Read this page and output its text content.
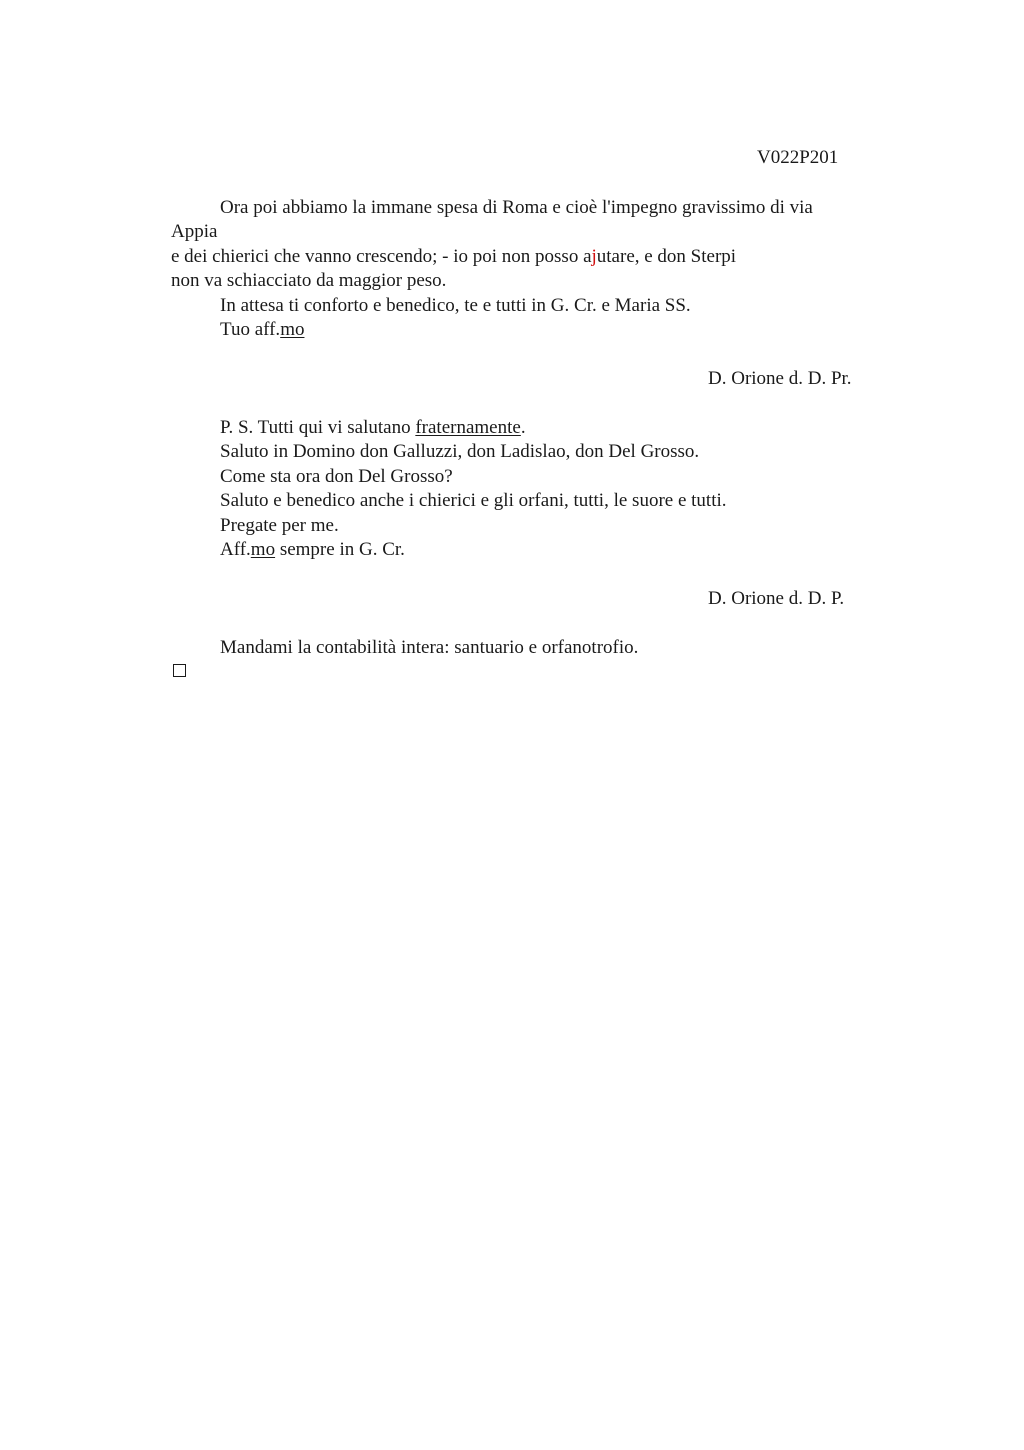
V022P201
Ora poi abbiamo la immane spesa di Roma e cioè l'impegno gravissimo di via
Appia
e dei chierici che vanno crescendo; - io poi non posso ajutare, e don Sterpi
non va schiacciato da maggior peso.
In attesa ti conforto e benedico, te e tutti in G. Cr. e Maria SS.
Tuo aff.mo
D. Orione d. D. Pr.
P. S. Tutti qui vi salutano fraternamente.
Saluto in Domino don Galluzzi, don Ladislao, don Del Grosso.
Come sta ora don Del Grosso?
Saluto e benedico anche i chierici e gli orfani, tutti, le suore e tutti.
Pregate per me.
Aff.mo sempre in G. Cr.
D. Orione d. D. P.
Mandami la contabilità intera: santuario e orfanotrofio.
